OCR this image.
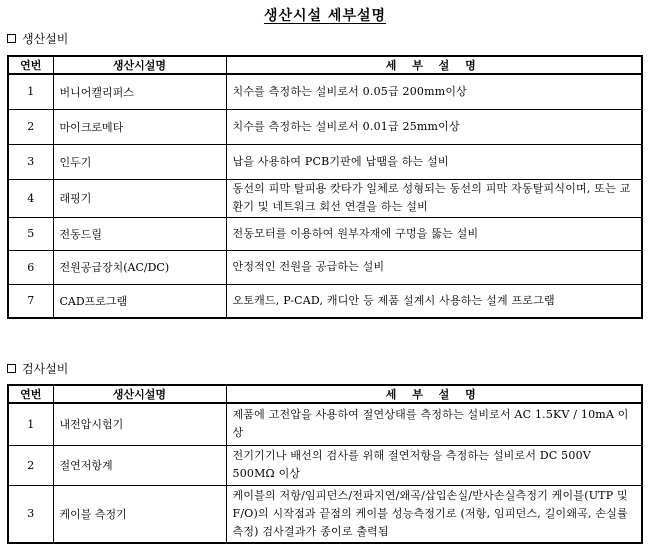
생산시설 세부설명
생산설비
연번	생산시설명	세 부 설 명
1	버니어캘리퍼스	치수를 측정하는 설비로서 0.05급 200mm이상
2	마이크로메타	치수를 측정하는 설비로서 0.01급 25mm이상
3	인두기	납을 사용하여 PCB기판에 납땜을 하는 설비
4	래핑기	동선의 피막 탈피용 캇타가 일체로 성형되는 동선의 피막 자동탈피식이며, 또는 교환기 및 네트워크 회선 연결을 하는 설비
5	전동드릴	전동모터를 이용하여 원부자재에 구멍을 뚫는 설비
6	전원공급장치(AC/DC)	안정적인 전원을 공급하는 설비
7	CAD프로그램	오토캐드, P-CAD, 캐디안 등 제품 설계시 사용하는 설계 프로그램
검사설비
연번	생산시설명	세 부 설 명
1	내전압시험기	제품에 고전압을 사용하여 절연상태를 측정하는 설비로서 AC 1.5KV / 10mA 이상
2	절연저항계	전기기기나 배선의 검사를 위해 절연저항을 측정하는 설비로서 DC 500V 500MΩ 이상
3	케이블 측정기	케이블의 저항/임피던스/전파지연/왜곡/삽입손실/반사손실측정기 케이블(UTP 및 F/O)의 시작점과 끝점의 케이블 성능측정기로 (저항, 임피던스, 길이왜곡, 손실률 측정) 검사결과가 종이로 출력됨
